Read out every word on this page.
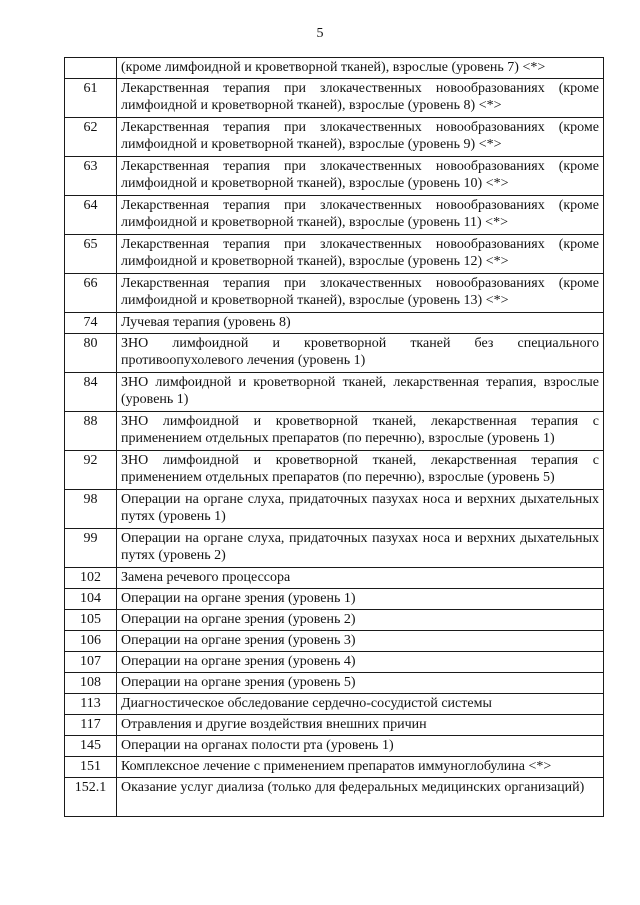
5
	(кроме лимфоидной и кроветворной тканей), взрослые (уровень 7) <*>
61	Лекарственная терапия при злокачественных новообразованиях (кроме лимфоидной и кроветворной тканей), взрослые (уровень 8) <*>
62	Лекарственная терапия при злокачественных новообразованиях (кроме лимфоидной и кроветворной тканей), взрослые (уровень 9) <*>
63	Лекарственная терапия при злокачественных новообразованиях (кроме лимфоидной и кроветворной тканей), взрослые (уровень 10) <*>
64	Лекарственная терапия при злокачественных новообразованиях (кроме лимфоидной и кроветворной тканей), взрослые (уровень 11) <*>
65	Лекарственная терапия при злокачественных новообразованиях (кроме лимфоидной и кроветворной тканей), взрослые (уровень 12) <*>
66	Лекарственная терапия при злокачественных новообразованиях (кроме лимфоидной и кроветворной тканей), взрослые (уровень 13) <*>
74	Лучевая терапия (уровень 8)
80	ЗНО лимфоидной и кроветворной тканей без специального противоопухолевого лечения (уровень 1)
84	ЗНО лимфоидной и кроветворной тканей, лекарственная терапия, взрослые (уровень 1)
88	ЗНО лимфоидной и кроветворной тканей, лекарственная терапия с применением отдельных препаратов (по перечню), взрослые (уровень 1)
92	ЗНО лимфоидной и кроветворной тканей, лекарственная терапия с применением отдельных препаратов (по перечню), взрослые (уровень 5)
98	Операции на органе слуха, придаточных пазухах носа и верхних дыхательных путях (уровень 1)
99	Операции на органе слуха, придаточных пазухах носа и верхних дыхательных путях (уровень 2)
102	Замена речевого процессора
104	Операции на органе зрения (уровень 1)
105	Операции на органе зрения (уровень 2)
106	Операции на органе зрения (уровень 3)
107	Операции на органе зрения (уровень 4)
108	Операции на органе зрения (уровень 5)
113	Диагностическое обследование сердечно-сосудистой системы
117	Отравления и другие воздействия внешних причин
145	Операции на органах полости рта (уровень 1)
151	Комплексное лечение с применением препаратов иммуноглобулина <*>
152.1	Оказание услуг диализа (только для федеральных медицинских организаций)
